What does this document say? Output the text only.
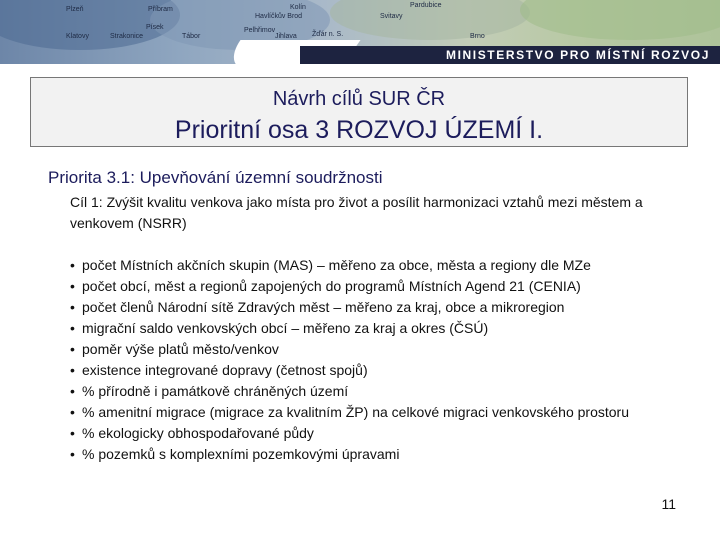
Plzeň	Příbram	Kolín
Havlíčkův Brod
Pardubice
Klatovy	Strakonice
Písek
Tábor
Pelhřimov
Jihlava Žďár n. S.
Svitavy
Brno
MINISTERSTVO PRO MÍSTNÍ ROZVOJ
Návrh cílů SUR ČR
Prioritní osa 3 ROZVOJ ÚZEMÍ I.
Priorita 3.1: Upevňování územní soudržnosti
Cíl 1: Zvýšit kvalitu venkova jako místa pro život a posílit harmonizaci vztahů mezi městem a venkovem (NSRR)
• počet Místních akčních skupin (MAS) – měřeno za obce, města a regiony dle MZe
• počet obcí, měst a regionů zapojených do programů Místních Agend 21 (CENIA)
• počet členů Národní sítě Zdravých měst – měřeno za kraj, obce a mikroregion
• migrační saldo venkovských obcí – měřeno za kraj a okres (ČSÚ)
• poměr výše platů město/venkov
• existence integrované dopravy (četnost spojů)
• % přírodně i památkově chráněných území
• % amenitní migrace (migrace za kvalitním ŽP) na celkové migraci venkovského prostoru
• % ekologicky obhospodařované půdy
• % pozemků s komplexními pozemkovými úpravami
11
